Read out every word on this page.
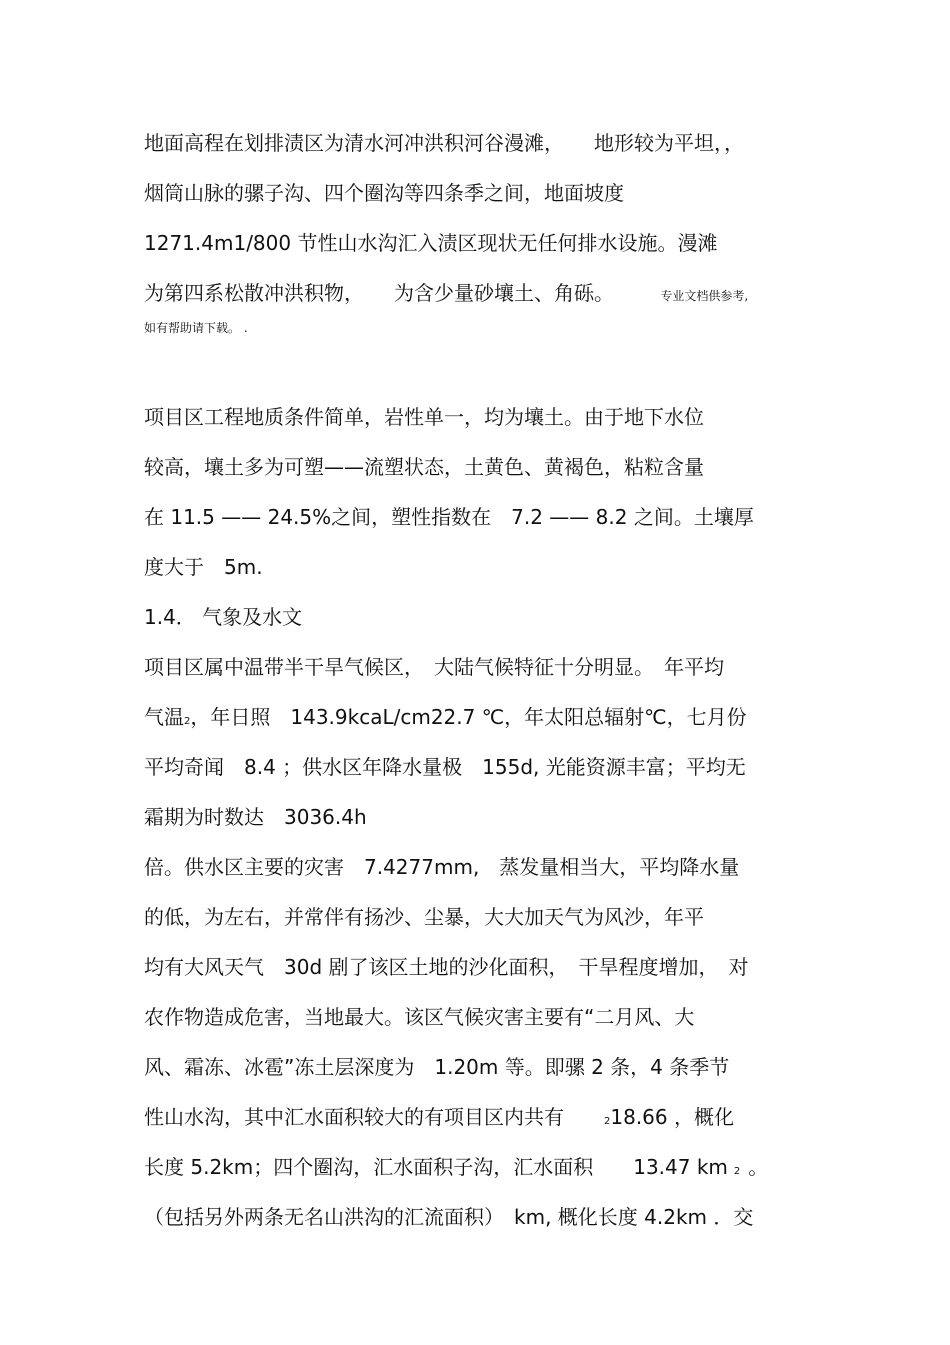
地面高程在划排渍区为清水河冲洪积河谷漫滩，　　地形较为平坦，，
烟筒山脉的骡子沟、四个圈沟等四条季之间，地面坡度
1271.4m1/800 节性山水沟汇入渍区现状无任何排水设施。漫滩
为第四系松散冲洪积物，　　为含少量砂壤土、角砾。	专业文档供参考,
如有帮助请下载。 .
项目区工程地质条件简单，岩性单一，均为壤土。由于地下水位
较高，壤土多为可塑——流塑状态，土黄色、黄褐色，粘粒含量
在 11.5 —— 24.5%之间，塑性指数在　7.2 —— 8.2 之间。土壤厚
度大于　5m.
1.4． 气象及水文
项目区属中温带半干旱气候区，　大陆气候特征十分明显。　年平均
气温2，年日照　143.9kcaL/cm22.7 ℃，年太阳总辐射℃，七月份
平均奇闻　8.4 ；供水区年降水量极　155d, 光能资源丰富；平均无
霜期为时数达　3036.4h
倍。供水区主要的灾害　7.4277mm,　蒸发量相当大，平均降水量
的低，为左右，并常伴有扬沙、尘暴，大大加天气为风沙，年平
均有大风天气　30d 剧了该区土地的沙化面积，　干旱程度增加，　对
农作物造成危害，当地最大。该区气候灾害主要有“二月风、大
风、霜冻、冰雹”冻土层深度为　1.20m 等。即骡 2 条，4 条季节
性山水沟，其中汇水面积较大的有项目区内共有	218.66 ，概化
长度 5.2km；四个圈沟，汇水面积子沟，汇水面积 13.47 km 2 。
（包括另外两条无名山洪沟的汇流面积）　km, 概化长度 4.2km ．交
